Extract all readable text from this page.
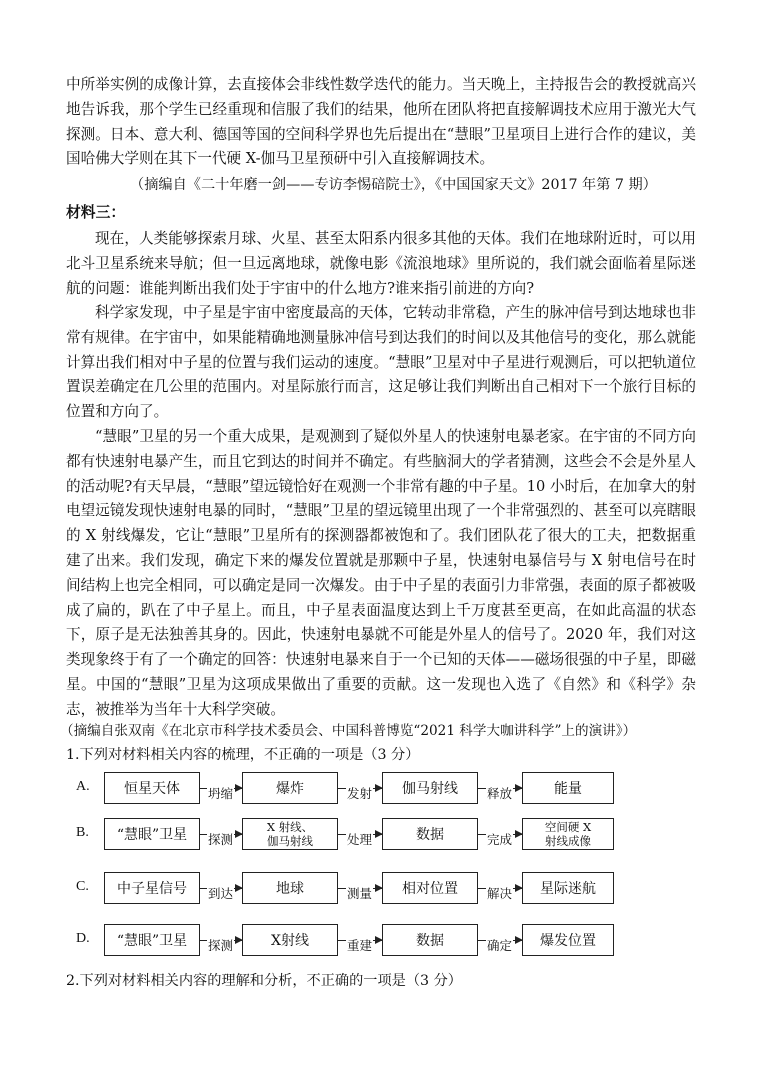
中所举实例的成像计算，去直接体会非线性数学迭代的能力。当天晚上，主持报告会的教授就高兴地告诉我，那个学生已经重现和信服了我们的结果，他所在团队将把直接解调技术应用于激光大气探测。日本、意大利、德国等国的空间科学界也先后提出在“慧眼”卫星项目上进行合作的建议，美国哈佛大学则在其下一代硬 X-伽马卫星预研中引入直接解调技术。

（摘编自《二十年磨一剑——专访李惕碚院士》，《中国国家天文》2017 年第 7 期）
材料三：

现在，人类能够探索月球、火星、甚至太阳系内很多其他的天体。我们在地球附近时，可以用北斗卫星系统来导航；但一旦远离地球，就像电影《流浪地球》里所说的，我们就会面临着星际迷航的问题：谁能判断出我们处于宇宙中的什么地方?谁来指引前进的方向?

科学家发现，中子星是宇宙中密度最高的天体，它转动非常稳，产生的脉冲信号到达地球也非常有规律。在宇宙中，如果能精确地测量脉冲信号到达我们的时间以及其他信号的变化，那么就能计算出我们相对中子星的位置与我们运动的速度。“慧眼”卫星对中子星进行观测后，可以把轨道位置误差确定在几公里的范围内。对星际旅行而言，这足够让我们判断出自己相对下一个旅行目标的位置和方向了。

“慧眼”卫星的另一个重大成果，是观测到了疑似外星人的快速射电暴老家。在宇宙的不同方向都有快速射电暴产生，而且它到达的时间并不确定。有些脑洞大的学者猜测，这些会不会是外星人的活动呢?有天早晨，“慧眼”望远镜恰好在观测一个非常有趣的中子星。10 小时后，在加拿大的射电望远镜发现快速射电暴的同时，“慧眼”卫星的望远镜里出现了一个非常强烈的、甚至可以亮瞎眼的 X 射线爆发，它让“慧眼”卫星所有的探测器都被饱和了。我们团队花了很大的工夫，把数据重建了出来。我们发现，确定下来的爆发位置就是那颗中子星，快速射电暴信号与 X 射电信号在时间结构上也完全相同，可以确定是同一次爆发。由于中子星的表面引力非常强，表面的原子都被吸成了扁的，趴在了中子星上。而且，中子星表面温度达到上千万度甚至更高，在如此高温的状态下，原子是无法独善其身的。因此，快速射电暴就不可能是外星人的信号了。2020 年，我们对这类现象终于有了一个确定的回答：快速射电暴来自于一个已知的天体——磁场很强的中子星，即磁星。中国的“慧眼”卫星为这项成果做出了重要的贡献。这一发现也入选了《自然》和《科学》杂志，被推举为当年十大科学突破。

（摘编自张双南《在北京市科学技术委员会、中国科普博览“2021 科学大咖讲科学”上的演讲》）
1.下列对材料相关内容的梳理，不正确的一项是（3 分）
A.	恒星天体	坍缩	爆炸	发射	伽马射线	释放	能量
B.	“慧眼”卫星	探测
X 射线、
伽马射线	处理	数据	完成
空间硬 X
射线成像
C.	中子星信号	到达	地球	测量	相对位置	解决	星际迷航
D.	“慧眼”卫星	探测	X射线	重建	数据	确定	爆发位置
2.下列对材料相关内容的理解和分析，不正确的一项是（3 分）
